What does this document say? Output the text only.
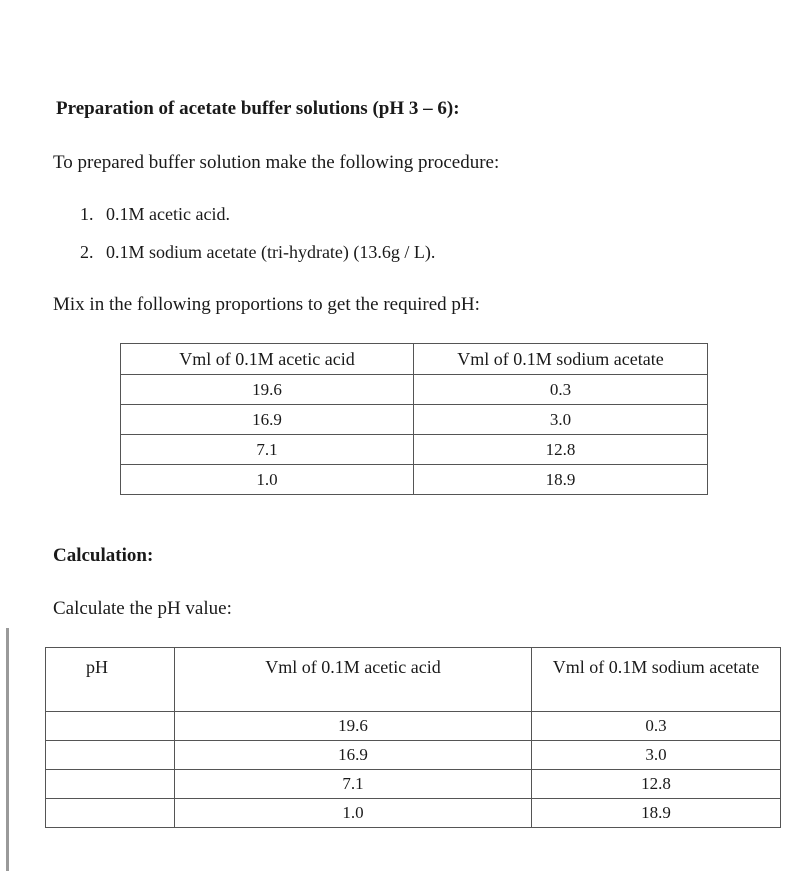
Preparation of acetate buffer solutions (pH 3 – 6):

To prepared buffer solution make the following procedure:

1. 0.1M acetic acid.
2. 0.1M sodium acetate (tri-hydrate) (13.6g / L).

Mix in the following proportions to get the required pH:

Vml of 0.1M acetic acid	Vml of 0.1M sodium acetate
19.6	0.3
16.9	3.0
7.1	12.8
1.0	18.9

Calculation:

Calculate the pH value:

pH	Vml of 0.1M acetic acid	Vml of 0.1M sodium acetate
	19.6	0.3
	16.9	3.0
	7.1	12.8
	1.0	18.9
